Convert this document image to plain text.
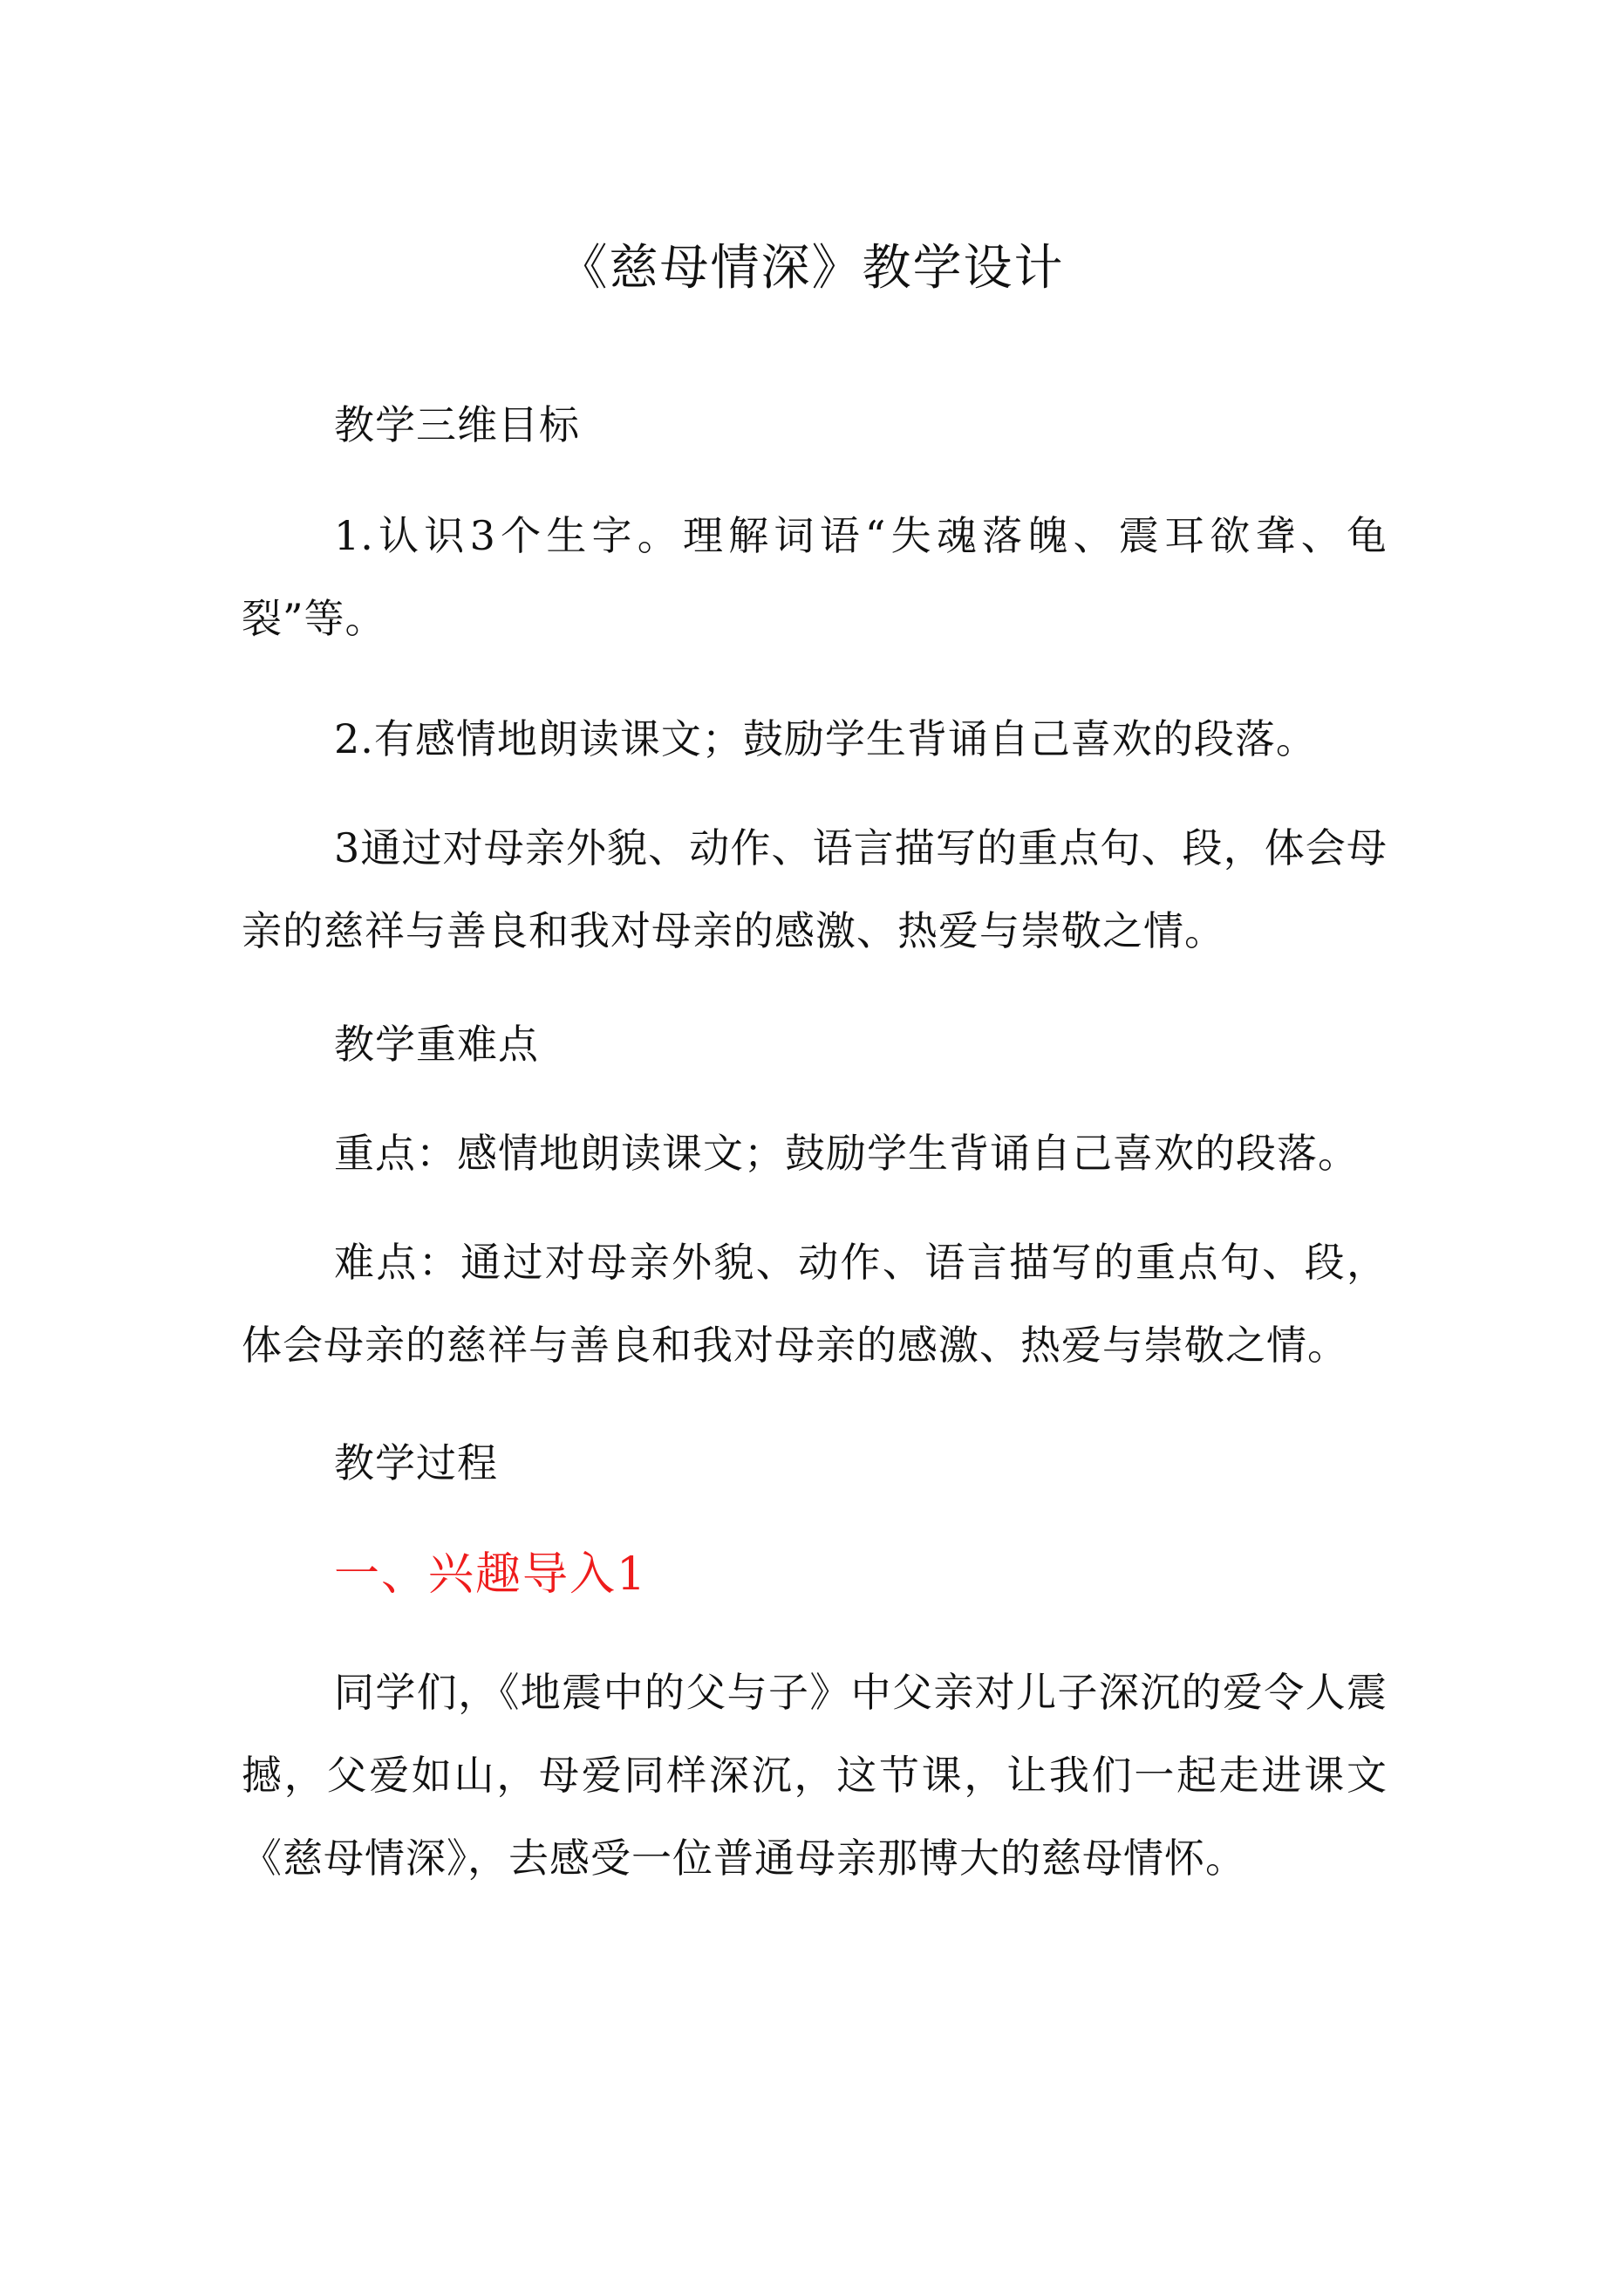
《慈母情深》教学设计

教学三维目标

1.认识3个生字。理解词语“失魂落魄、震耳欲聋、龟裂”等。

2.有感情地朗读课文；鼓励学生背诵自己喜欢的段落。

3通过对母亲外貌、动作、语言描写的重点句、段，体会母亲的慈祥与善良和我对母亲的感激、热爱与崇敬之情。

教学重难点

重点：感情地朗读课文；鼓励学生背诵自己喜欢的段落。

难点：通过对母亲外貌、动作、语言描写的重点句、段，体会母亲的慈祥与善良和我对母亲的感激、热爱与崇敬之情。

教学过程

一、兴趣导入1

同学们，《地震中的父与子》中父亲对儿子深沉的爱令人震撼，父爱如山，母爱同样深沉，这节课，让我们一起走进课文《慈母情深》，去感受一位普通母亲那博大的慈母情怀。
